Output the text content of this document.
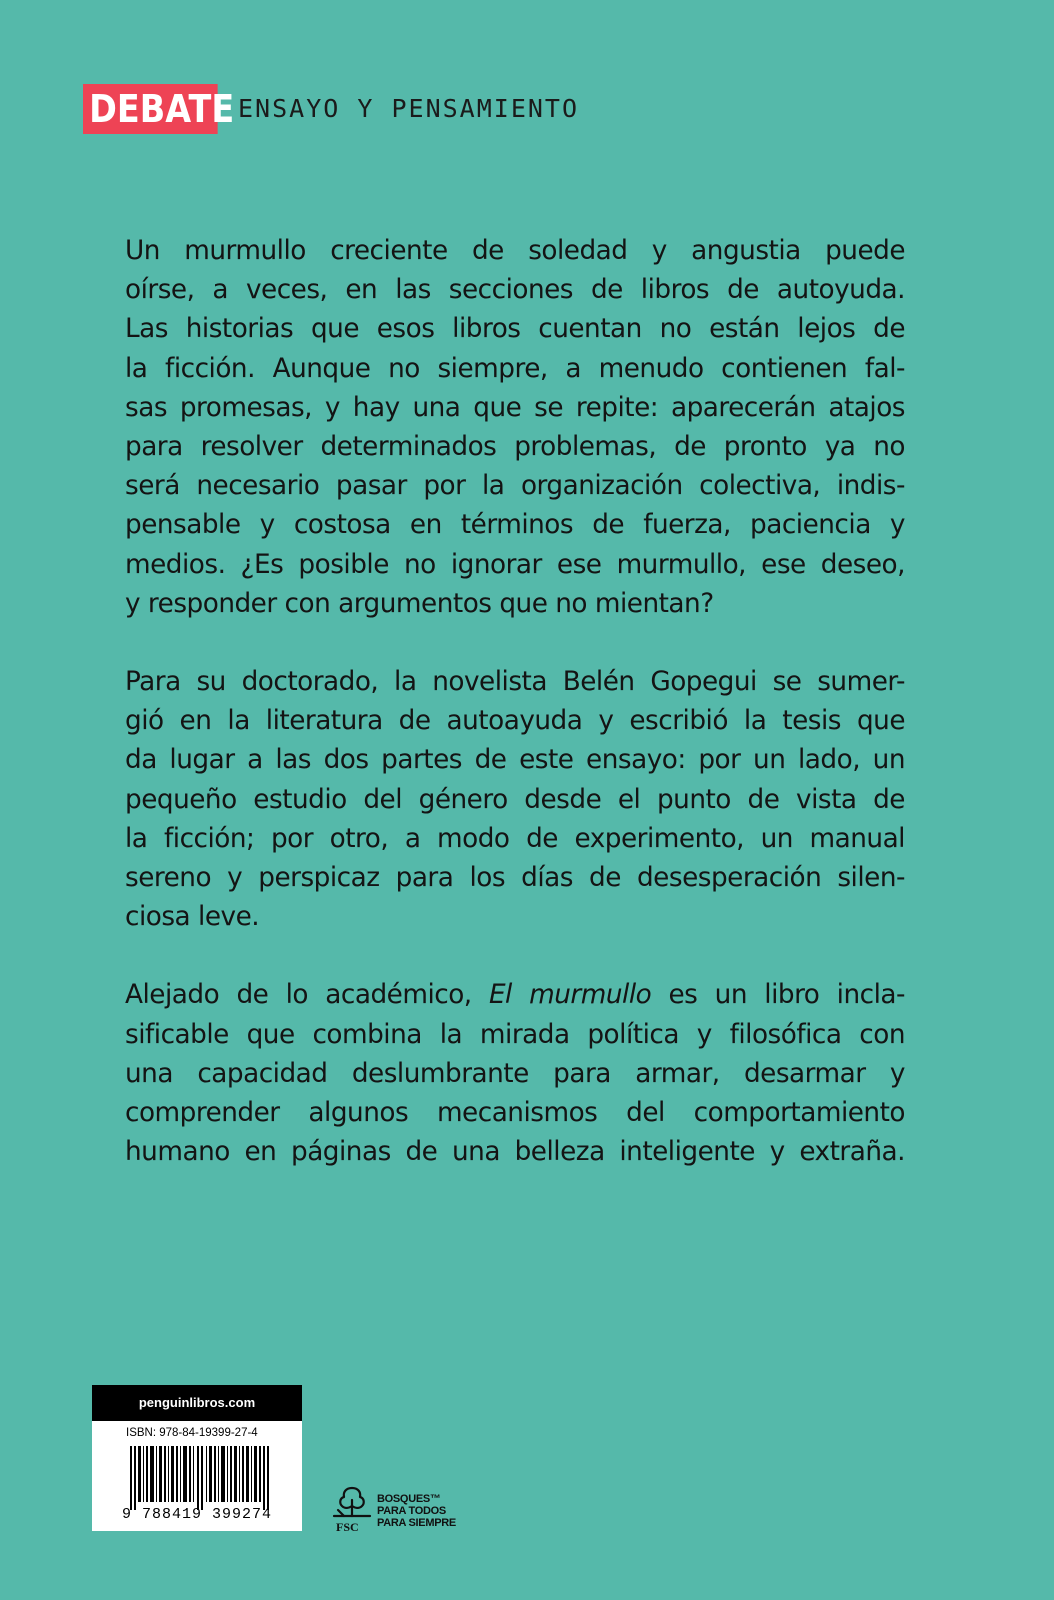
DEBATE ENSAYO Y PENSAMIENTO

Un murmullo creciente de soledad y angustia puede
oírse, a veces, en las secciones de libros de autoyuda.
Las historias que esos libros cuentan no están lejos de
la ficción. Aunque no siempre, a menudo contienen fal-
sas promesas, y hay una que se repite: aparecerán atajos
para resolver determinados problemas, de pronto ya no
será necesario pasar por la organización colectiva, indis-
pensable y costosa en términos de fuerza, paciencia y
medios. ¿Es posible no ignorar ese murmullo, ese deseo,
y responder con argumentos que no mientan?

Para su doctorado, la novelista Belén Gopegui se sumer-
gió en la literatura de autoayuda y escribió la tesis que
da lugar a las dos partes de este ensayo: por un lado, un
pequeño estudio del género desde el punto de vista de
la ficción; por otro, a modo de experimento, un manual
sereno y perspicaz para los días de desesperación silen-
ciosa leve.

Alejado de lo académico, El murmullo es un libro incla-
sificable que combina la mirada política y filosófica con
una capacidad deslumbrante para armar, desarmar y
comprender algunos mecanismos del comportamiento
humano en páginas de una belleza inteligente y extraña.

penguinlibros.com
ISBN: 978-84-19399-27-4
9 788419 399274
FSC
BOSQUES™
PARA TODOS
PARA SIEMPRE
